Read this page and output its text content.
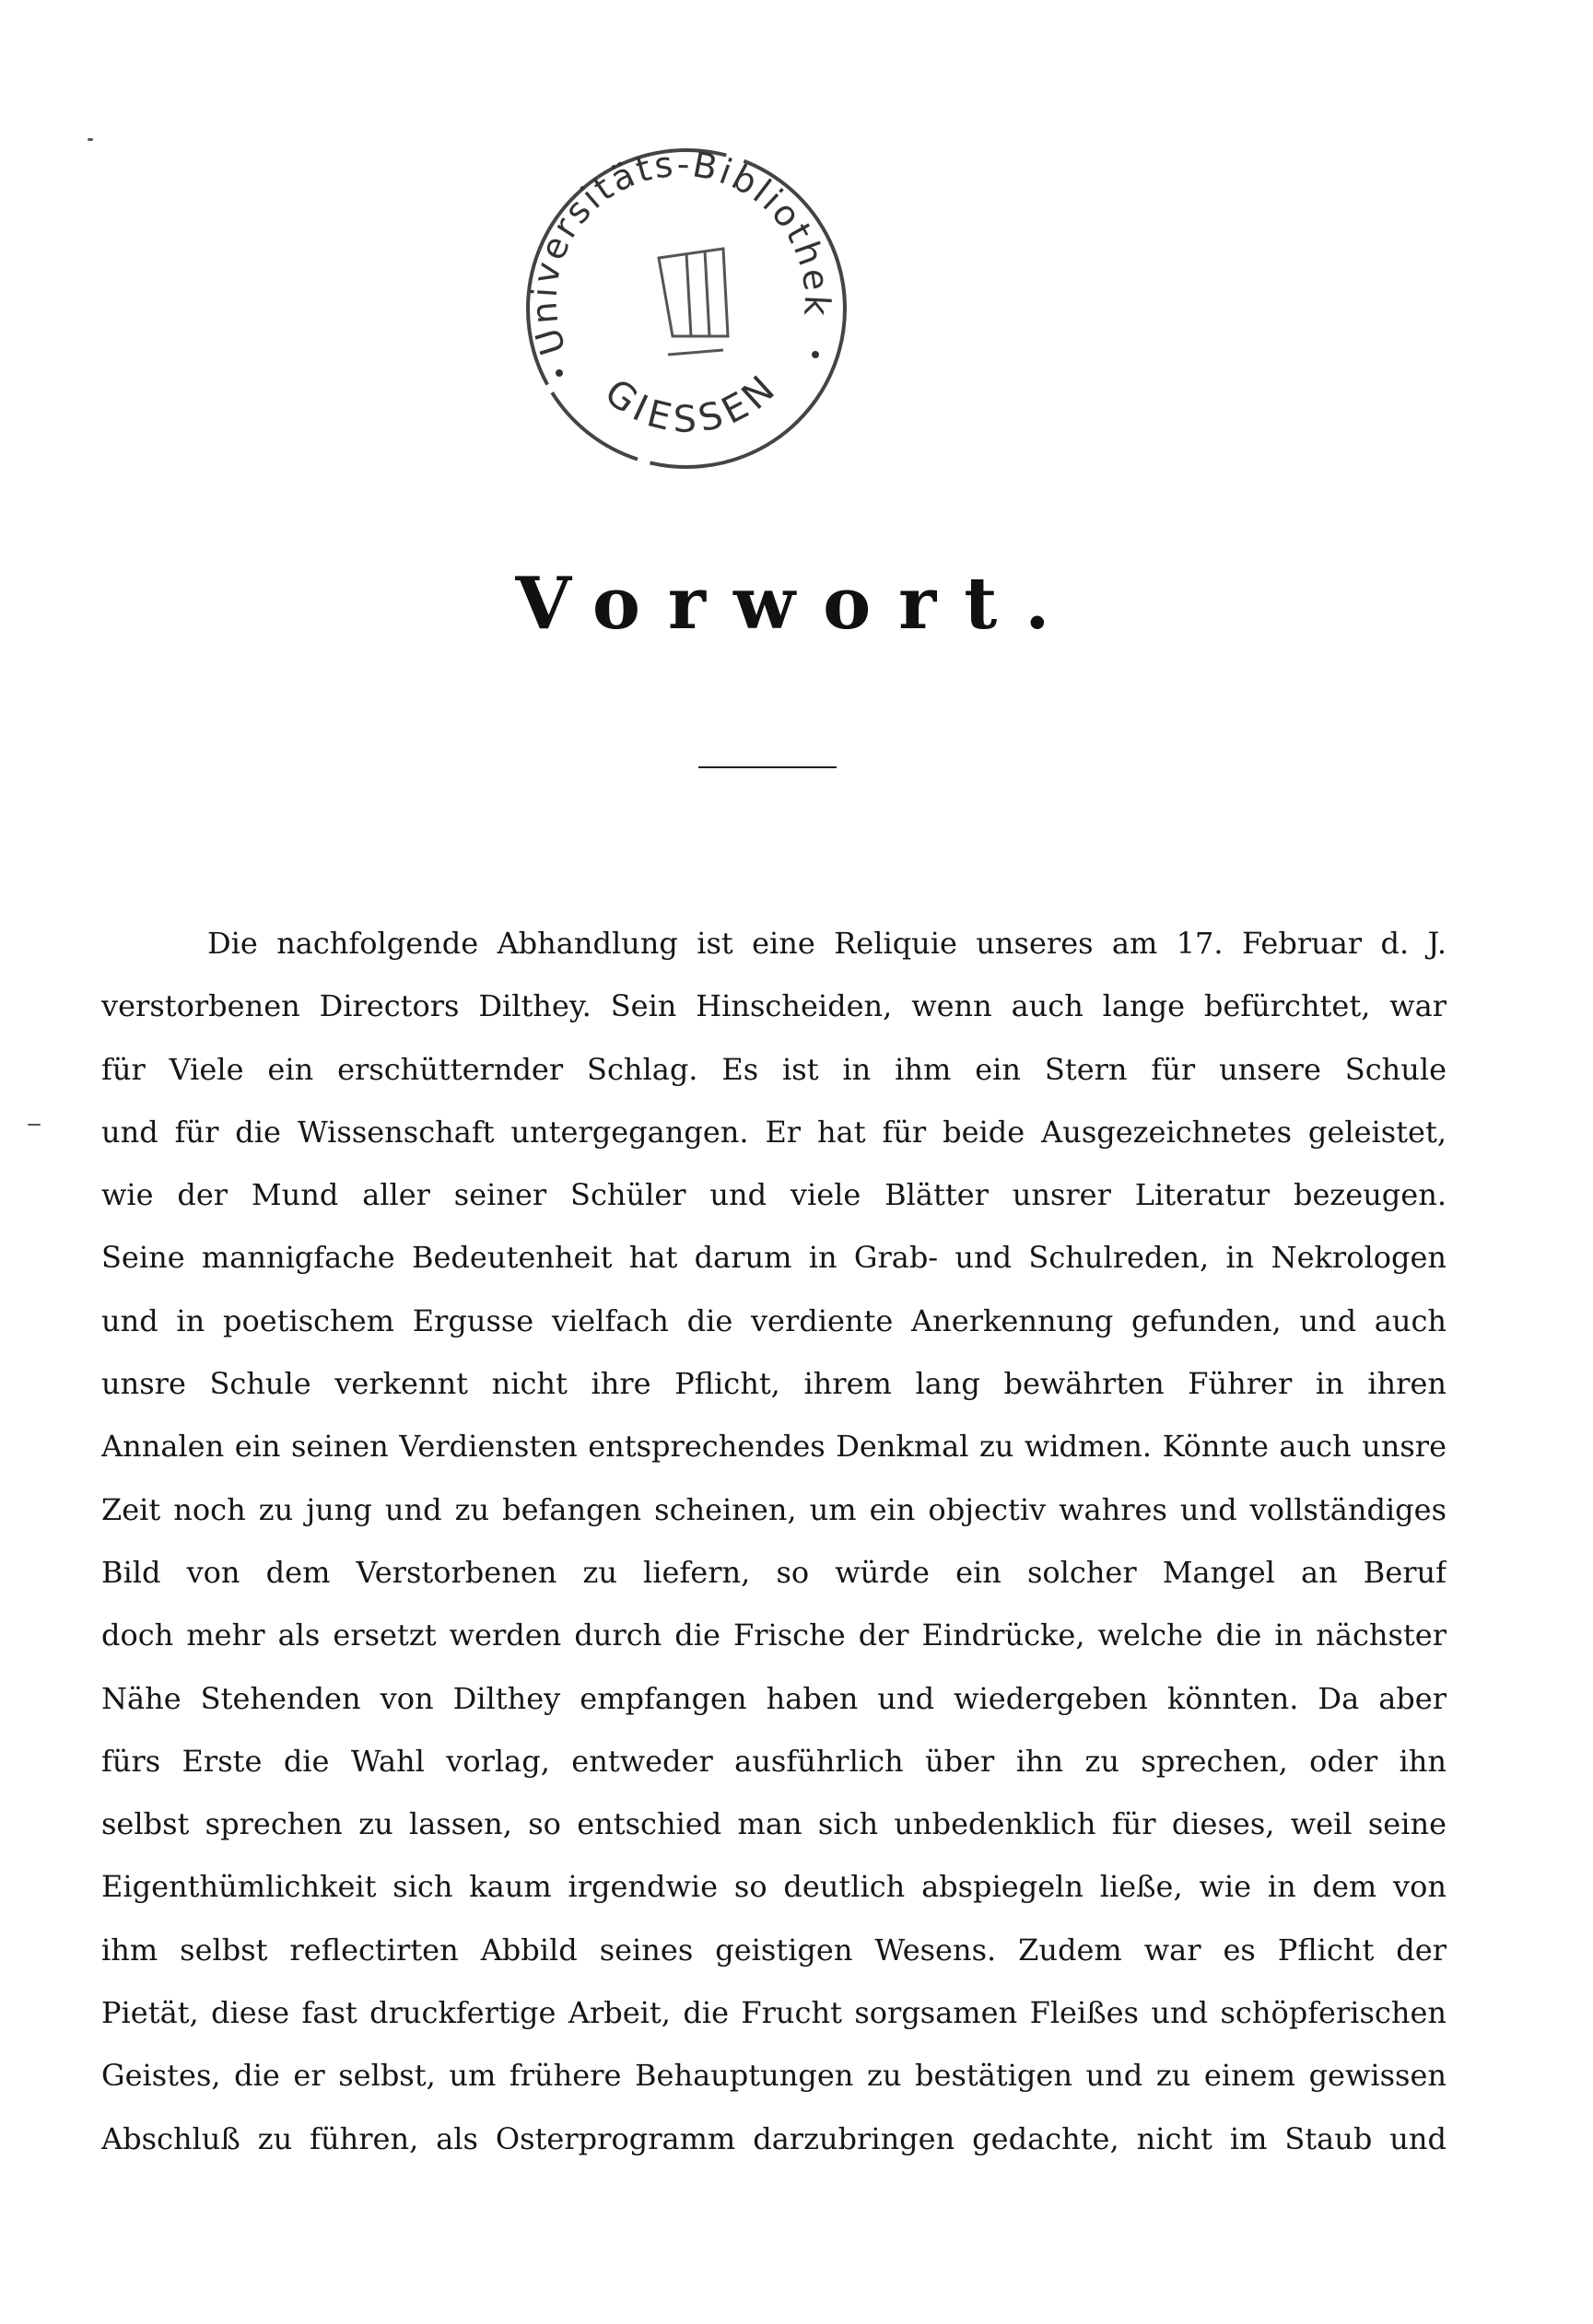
Universitäts-Bibliothek
GIESSEN
Vorwort.
Die nachfolgende Abhandlung ist eine Reliquie unseres am 17. Februar d. J.
verstorbenen Directors Dilthey. Sein Hinscheiden, wenn auch lange befürchtet, war
für Viele ein erschütternder Schlag. Es ist in ihm ein Stern für unsere Schule
und für die Wissenschaft untergegangen. Er hat für beide Ausgezeichnetes geleistet,
wie der Mund aller seiner Schüler und viele Blätter unsrer Literatur bezeugen.
Seine mannigfache Bedeutenheit hat darum in Grab- und Schulreden, in Nekrologen
und in poetischem Ergusse vielfach die verdiente Anerkennung gefunden, und auch
unsre Schule verkennt nicht ihre Pflicht, ihrem lang bewährten Führer in ihren
Annalen ein seinen Verdiensten entsprechendes Denkmal zu widmen. Könnte auch unsre
Zeit noch zu jung und zu befangen scheinen, um ein objectiv wahres und vollständiges
Bild von dem Verstorbenen zu liefern, so würde ein solcher Mangel an Beruf
doch mehr als ersetzt werden durch die Frische der Eindrücke, welche die in nächster
Nähe Stehenden von Dilthey empfangen haben und wiedergeben könnten. Da aber
fürs Erste die Wahl vorlag, entweder ausführlich über ihn zu sprechen, oder ihn
selbst sprechen zu lassen, so entschied man sich unbedenklich für dieses, weil seine
Eigenthümlichkeit sich kaum irgendwie so deutlich abspiegeln ließe, wie in dem von
ihm selbst reflectirten Abbild seines geistigen Wesens. Zudem war es Pflicht der
Pietät, diese fast druckfertige Arbeit, die Frucht sorgsamen Fleißes und schöpferischen
Geistes, die er selbst, um frühere Behauptungen zu bestätigen und zu einem gewissen
Abschluß zu führen, als Osterprogramm darzubringen gedachte, nicht im Staub und
